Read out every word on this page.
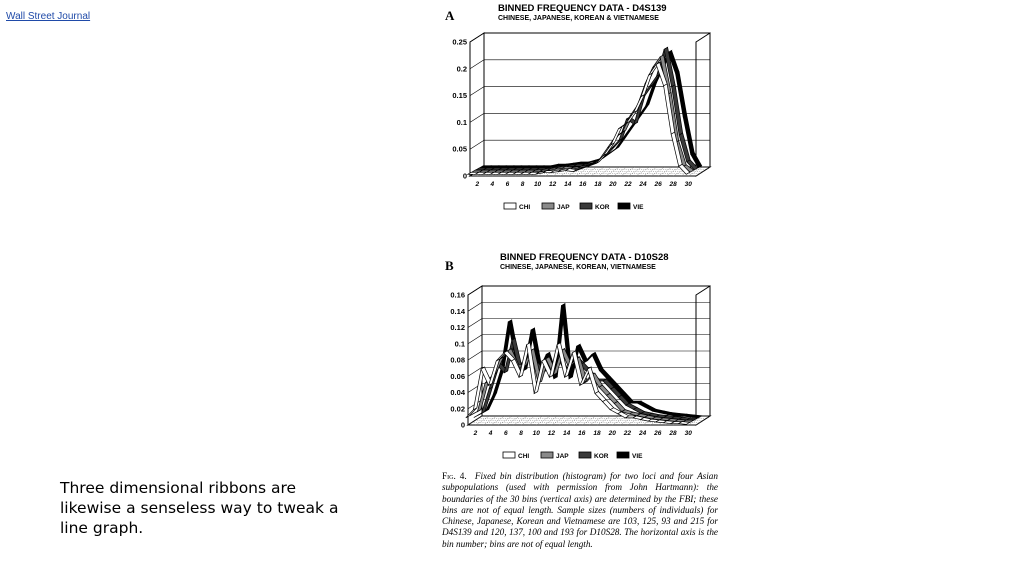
Wall Street Journal	A	BINNED FREQUENCY DATA - D4S139
CHINESE, JAPANESE, KOREAN & VIETNAMESE
0
0.05
0.1
0.15
0.2
0.25
2 4 6 8 10 12 14 16 18 20 22 24 26 28 30
CHI	JAP	KOR	VIE
B
BINNED FREQUENCY DATA - D10S28
CHINESE, JAPANESE, KOREAN, VIETNAMESE
0
0.02
0.04
0.06
0.08
0.1
0.12
0.14
0.16
2 4 6 8 10 12 14 16 18 20 22 24 26 28 30
CHI	JAP	KOR	VIE
Three dimensional ribbons are likewise a senseless way to tweak a line graph.
Fig. 4. Fixed bin distribution (histogram) for two loci and four Asian subpopulations (used with permission from John Hartmann): the boundaries of the 30 bins (vertical axis) are determined by the FBI; these bins are not of equal length. Sample sizes (numbers of individuals) for Chinese, Japanese, Korean and Vietnamese are 103, 125, 93 and 215 for D4S139 and 120, 137, 100 and 193 for D10S28. The horizontal axis is the bin number; bins are not of equal length.
